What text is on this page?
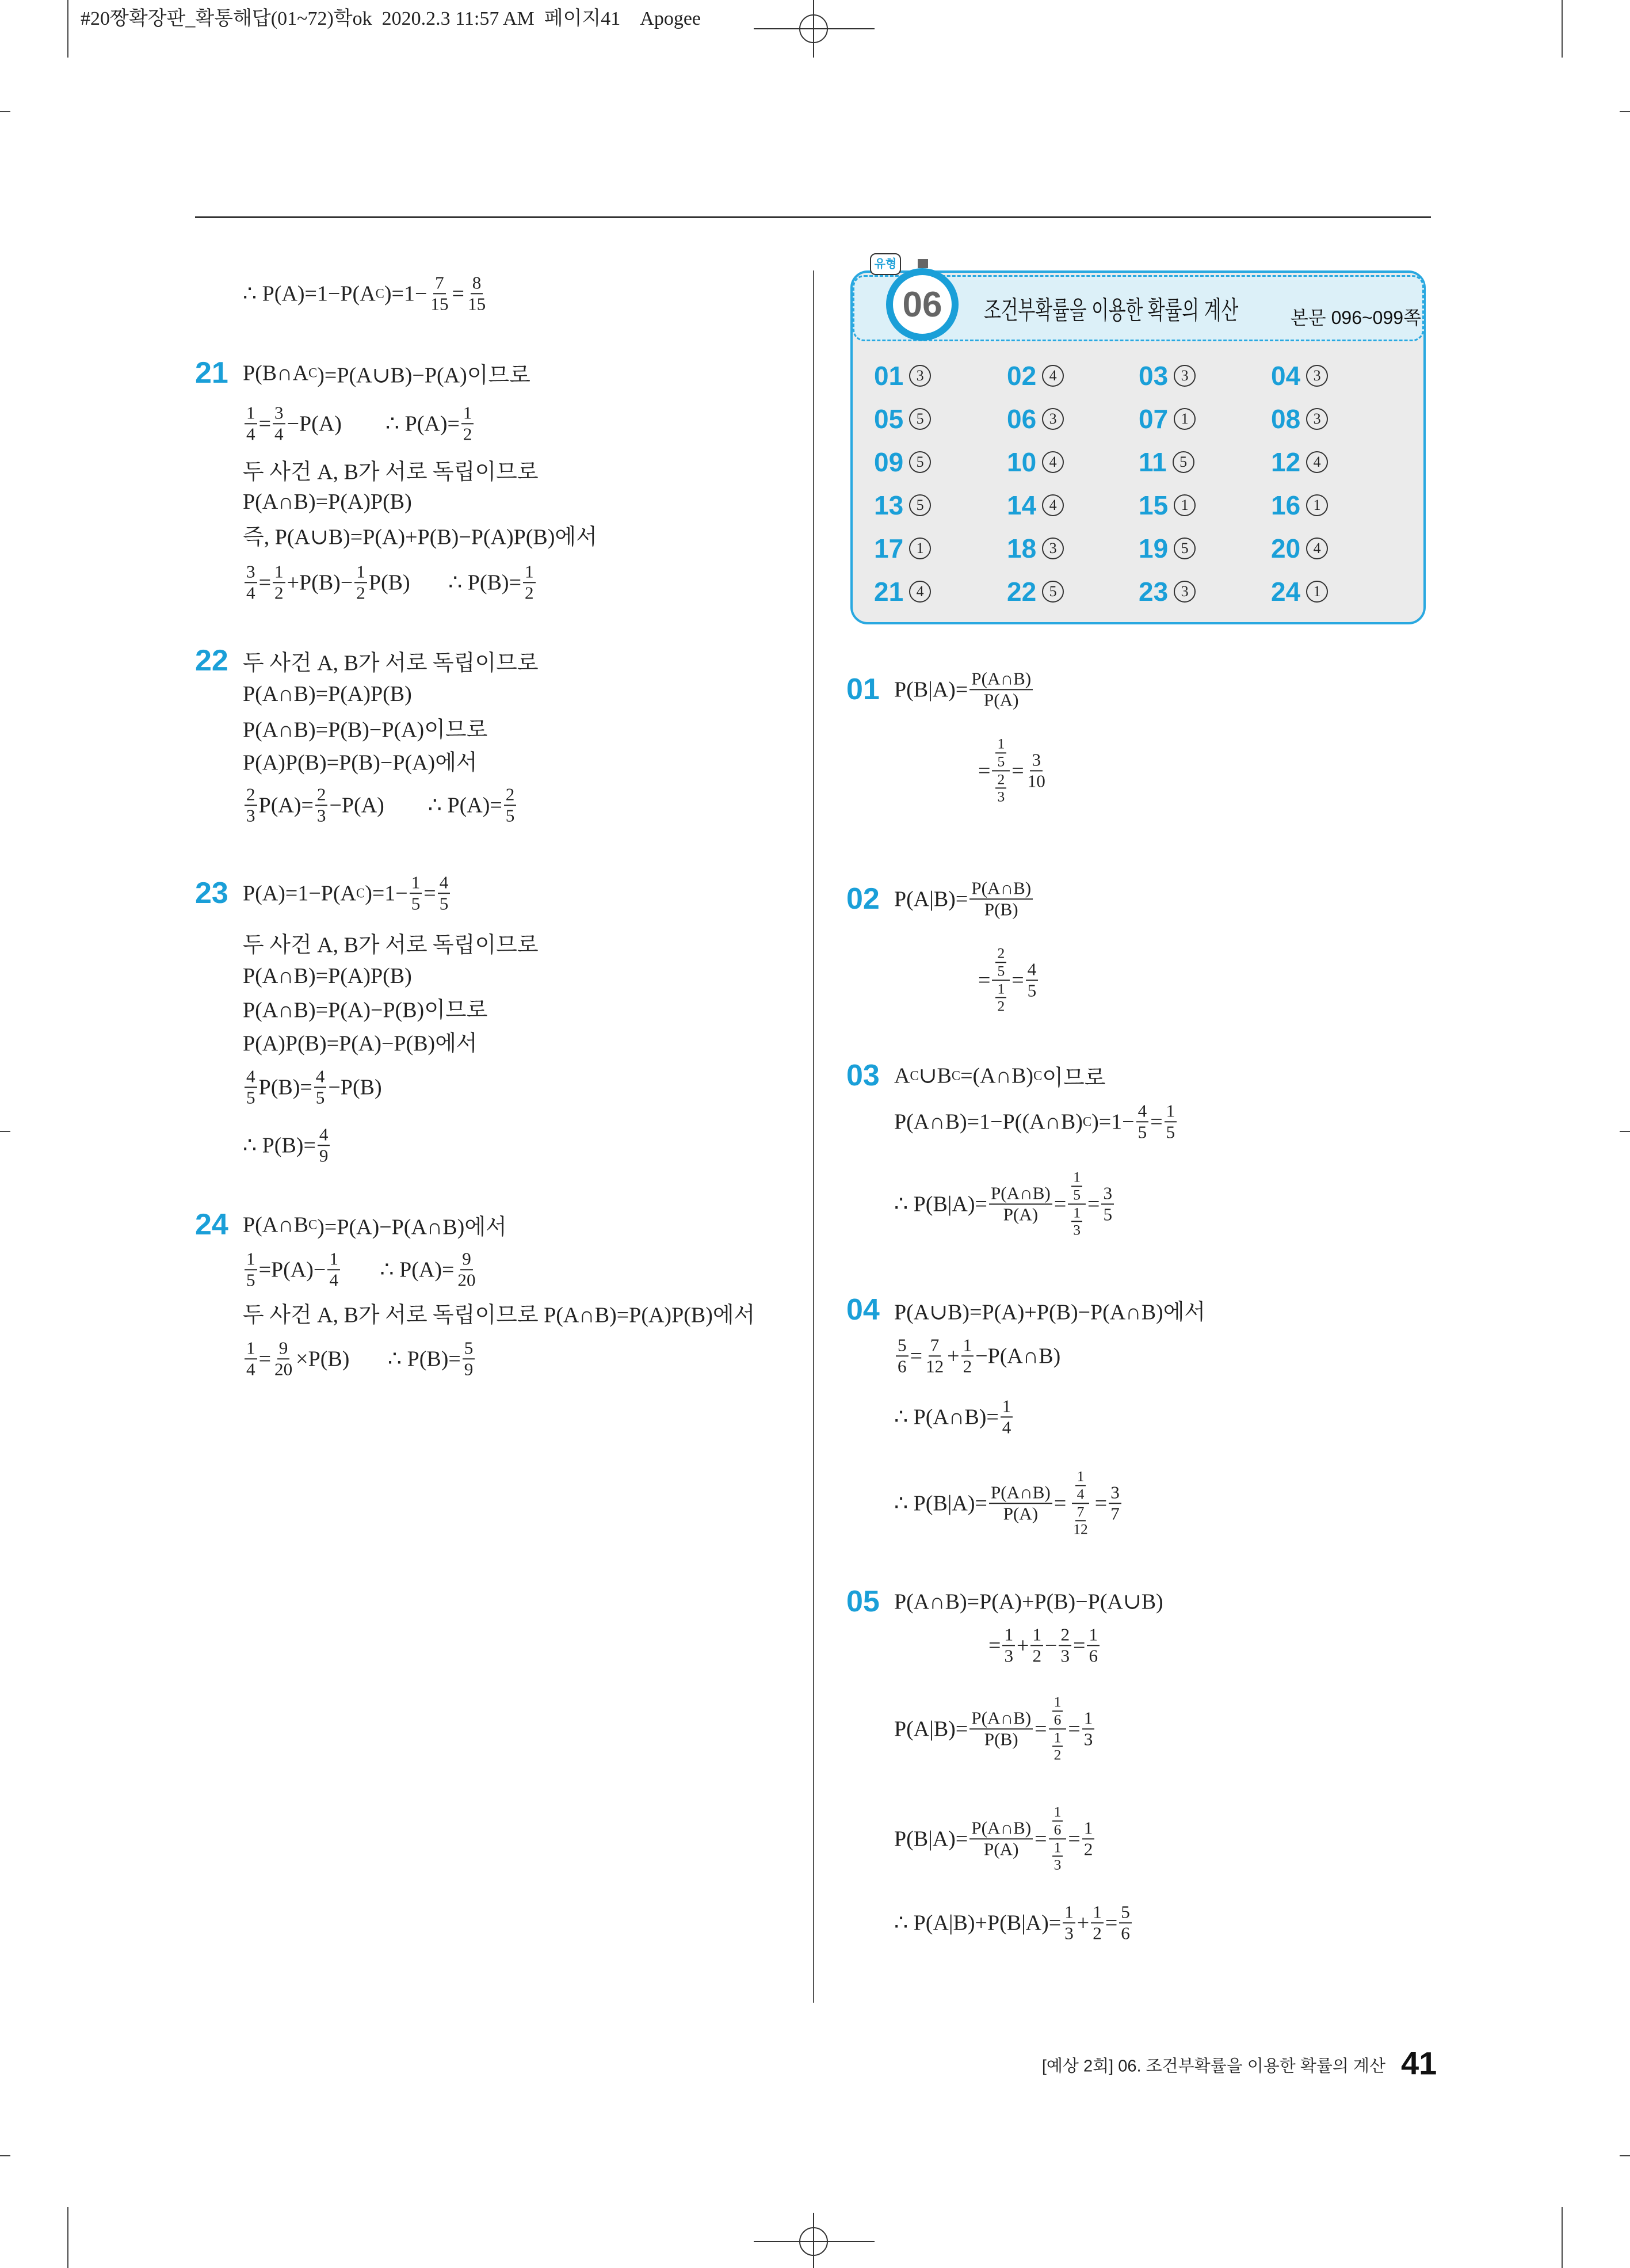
#20짱확장판_확통해답(01~72)학ok  2020.2.3 11:57 AM  페이지41    Apogee
06
유형
조건부확률을 이용한 확률의 계산	본문 096~099쪽
01 3	02 4	03 3	04 3
05 5	06 3	07 1	08 3
09 5	10 4	11 5	12 4
13 5	14 4	15 1	16 1
17 1	18 3	19 5	20 4
21 4	22 5	23 3	24 1
∴ P(A)=1−P(A C )$=1- \frac{7}{15} = \frac{8}{15}$
21 P(B∩A C )=P(A∪B)−P(A)이므로
$\frac{1}{4} = \frac{3}{4} -P(A)$        ∴ $P(A)= \frac{1}{2}$
두 사건 A, B가 서로 독립이므로
P(A∩B)=P(A)P(B)
즉, P(A∪B)=P(A)+P(B)−P(A)P(B)에서
$\frac{3}{4} = \frac{1}{2} +P(B)- \frac{1}{2} P(B)$       ∴ $P(B)= \frac{1}{2}$
22 두 사건 A, B가 서로 독립이므로
P(A∩B)=P(A)P(B)
P(A∩B)=P(B)−P(A)이므로
P(A)P(B)=P(B)−P(A)에서
$\frac{2}{3} P(A)= \frac{2}{3} -P(A)$        ∴ $P(A)= \frac{2}{5}$
23 P(A)=1−P(A C )$=1- \frac{1}{5} = \frac{4}{5}$
두 사건 A, B가 서로 독립이므로
P(A∩B)=P(A)P(B)
P(A∩B)=P(A)−P(B)이므로
P(A)P(B)=P(A)−P(B)에서
$\frac{4}{5} P(B)= \frac{4}{5} -P(B)$
∴ $P(B)= \frac{4}{9}$
24 P(A∩B C )=P(A)−P(A∩B)에서
$\frac{1}{5} =P(A)- \frac{1}{4}$ ∴ $P(A)= \frac{9}{20}$
두 사건 A, B가 서로 독립이므로 P(A∩B)=P(A)P(B)에서
$\frac{1}{4} = \frac{9}{20} \times P(B)$       ∴ $P(B)= \frac{5}{9}$
01 $P(B|A)= \frac{P(A\cap B)}{P(A)}$
= $\frac{\frac{1}{5}}{\frac{2}{3}} = \frac{3}{10}$
02 $P(A|B)= \frac{P(A\cap B)}{P(B)}$
= $\frac{\frac{2}{5}}{\frac{1}{2}} = \frac{4}{5}$
03 A C ∪B C =(A∩B) C 이므로
P(A∩B)=1−P((A∩B) C )$=1- \frac{4}{5} = \frac{1}{5}$
∴ $P(B|A)= \frac{P(A\cap B)}{P(A)} = \frac{\frac{1}{5}}{\frac{1}{3}} = \frac{3}{5}$
04 P(A∪B)=P(A)+P(B)−P(A∩B)에서
$\frac{5}{6} = \frac{7}{12} + \frac{1}{2}$ −P(A∩B)
∴ P(A∩B)= $\frac{1}{4}$
∴ $P(B|A)= \frac{P(A\cap B)}{P(A)} = \frac{\frac{1}{4}}{\frac{7}{12}} = \frac{3}{7}$
05 P(A∩B)=P(A)+P(B)−P(A∪B)
= $\frac{1}{3} + \frac{1}{2} - \frac{2}{3} = \frac{1}{6}$
$P(A|B)= \frac{P(A\cap B)}{P(B)} = \frac{\frac{1}{6}}{\frac{1}{2}} = \frac{1}{3}$
$P(B|A)= \frac{P(A\cap B)}{P(A)} = \frac{\frac{1}{6}}{\frac{1}{3}} = \frac{1}{2}$
∴ $P(A|B)+P(B|A)= \frac{1}{3} + \frac{1}{2} = \frac{5}{6}$
[예상 2회] 06. 조건부확률을 이용한 확률의 계산 41
